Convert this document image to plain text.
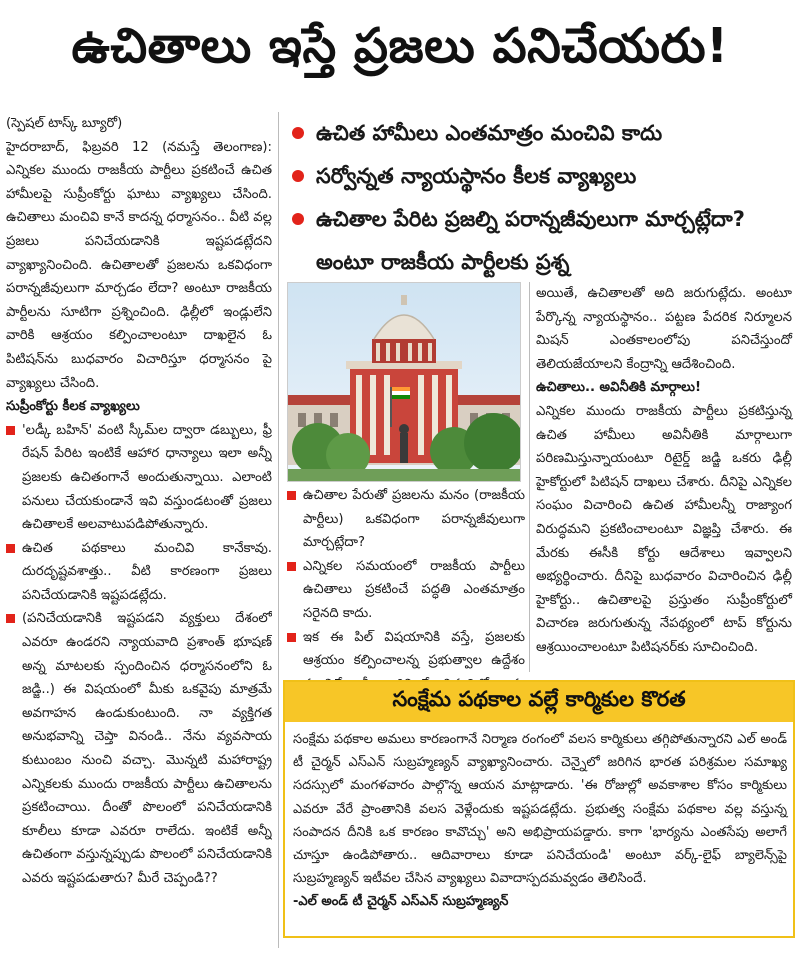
ఉచితాలు ఇస్తే ప్రజలు పనిచేయరు!

(స్పెషల్ టాస్క్ బ్యూరో)

హైదరాబాద్, ఫిబ్రవరి 12 (నమస్తే తెలంగాణ): ఎన్నికల ముందు రాజకీయ పార్టీలు ప్రకటించే ఉచిత హామీలపై సుప్రీంకోర్టు ఘాటు వ్యాఖ్యలు చేసింది. ఉచితాలు మంచివి కానే కాదన్న ధర్మాసనం.. వీటి వల్ల ప్రజలు పనిచేయడానికి ఇష్టపడట్లేదని వ్యాఖ్యానించింది. ఉచితాలతో ప్రజలను ఒకవిధంగా పరాన్నజీవులుగా మార్చడం లేదా? అంటూ రాజకీయ పార్టీలను సూటిగా ప్రశ్నించింది. ఢిల్లీలో ఇండ్లులేని వారికి ఆశ్రయం కల్పించాలంటూ దాఖలైన ఓ పిటిషన్‌ను బుధవారం విచారిస్తూ ధర్మాసనం పై వ్యాఖ్యలు చేసింది.

సుప్రీంకోర్టు కీలక వ్యాఖ్యలు

'లడ్కీ బహిన్' వంటి స్కీమ్‌ల ద్వారా డబ్బులు, ఫ్రీ రేషన్ పేరిట ఇంటికే ఆహార ధాన్యాలు ఇలా అన్నీ ప్రజలకు ఉచితంగానే అందుతున్నాయి. ఎలాంటి పనులు చేయకుండానే ఇవి వస్తుండటంతో ప్రజలు ఉచితాలకే అలవాటుపడిపోతున్నారు.

ఉచిత పథకాలు మంచివి కానేకావు. దురదృష్టవశాత్తు.. వీటి కారణంగా ప్రజలు పనిచేయడానికి ఇష్టపడట్లేదు.

(పనిచేయడానికి ఇష్టపడని వ్యక్తులు దేశంలో ఎవరూ ఉండరని న్యాయవాది ప్రశాంత్ భూషణ్ అన్న మాటలకు స్పందించిన ధర్మాసనంలోని ఓ జడ్జి..) ఈ విషయంలో మీకు ఒకవైపు మాత్రమే అవగాహన ఉండుకుంటుంది. నా వ్యక్తిగత అనుభవాన్ని చెప్తా వినండి.. నేను వ్యవసాయ కుటుంబం నుంచి వచ్చా. మొన్నటి మహారాష్ట్ర ఎన్నికలకు ముందు రాజకీయ పార్టీలు ఉచితాలను ప్రకటించాయి. దీంతో పొలంలో పనిచేయడానికి కూలీలు కూడా ఎవరూ రాలేదు. ఇంటికే అన్నీ ఉచితంగా వస్తున్నప్పుడు పొలంలో పనిచేయడానికి ఎవరు ఇష్టపడుతారు? మీరే చెప్పండి??

ఉచిత హామీలు ఎంతమాత్రం మంచివి కాదు
సర్వోన్నత న్యాయస్థానం కీలక వ్యాఖ్యలు
ఉచితాల పేరిట ప్రజల్ని పరాన్నజీవులుగా మార్చట్లేదా? అంటూ రాజకీయ పార్టీలకు ప్రశ్న

ఉచితాల పేరుతో ప్రజలను మనం (రాజకీయ పార్టీలు) ఒకవిధంగా పరాన్నజీవులుగా మార్చట్లేదా?

ఎన్నికల సమయంలో రాజకీయ పార్టీలు ఉచితాలు ప్రకటించే పద్ధతి ఎంతమాత్రం సరైనది కాదు.

ఇక ఈ పిల్ విషయానికి వస్తే, ప్రజలకు ఆశ్రయం కల్పించాలన్న ప్రభుత్వాల ఉద్దేశం

అయితే, ఉచితాలతో అది జరుగుట్లేదు. అంటూ పేర్కొన్న న్యాయస్థానం.. పట్టణ పేదరిక నిర్మూలన మిషన్ ఎంతకాలంలోపు పనిచేస్తుందో తెలియజేయాలని కేంద్రాన్ని ఆదేశించింది.

ఉచితాలు.. అవినీతికి మార్గాలు!

ఎన్నికల ముందు రాజకీయ పార్టీలు ప్రకటిస్తున్న ఉచిత హామీలు అవినీతికి మార్గాలుగా పరిణమిస్తున్నాయంటూ రిటైర్డ్ జడ్జి ఒకరు ఢిల్లీ హైకోర్టులో పిటిషన్ దాఖలు చేశారు. దీనిపై ఎన్నికల సంఘం విచారించి ఉచిత హామీలన్నీ రాజ్యాంగ విరుద్ధమని ప్రకటించాలంటూ విజ్ఞప్తి చేశారు. ఈ మేరకు ఈసీకి కోర్టు ఆదేశాలు ఇవ్వాలని అభ్యర్థించారు. దీనిపై బుధవారం విచారించిన ఢిల్లీ హైకోర్టు.. ఉచితాలపై ప్రస్తుతం సుప్రీంకోర్టులో విచారణ జరుగుతున్న నేపథ్యంలో టాప్ కోర్టును ఆశ్రయించాలంటూ పిటిషనర్‌కు సూచించింది.

సంక్షేమ పథకాల వల్లే కార్మికుల కొరత

సంక్షేమ పథకాల అమలు కారణంగానే నిర్మాణ రంగంలో వలస కార్మికులు తగ్గిపోతున్నారని ఎల్ అండ్ టీ చైర్మన్ ఎస్ఎన్ సుబ్రహ్మణ్యన్ వ్యాఖ్యానించారు. చెన్నైలో జరిగిన భారత పరిశ్రమల సమాఖ్య సదస్సులో మంగళవారం పాల్గొన్న ఆయన మాట్లాడారు. 'ఈ రోజుల్లో అవకాశాల కోసం కార్మికులు ఎవరూ వేరే ప్రాంతానికి వలస వెళ్లేందుకు ఇష్టపడట్లేదు. ప్రభుత్వ సంక్షేమ పథకాల వల్ల వస్తున్న సంపాదన దీనికి ఒక కారణం కావొచ్చు' అని అభిప్రాయపడ్డారు. కాగా 'భార్యను ఎంతసేపు అలాగే చూస్తూ ఉండిపోతారు.. ఆదివారాలు కూడా పనిచేయండి' అంటూ వర్క్-లైఫ్ బ్యాలెన్స్‌పై సుబ్రహ్మణ్యన్ ఇటీవల చేసిన వ్యాఖ్యలు వివాదాస్పదమవ్వడం తెలిసిందే.

-ఎల్ అండ్ టీ చైర్మన్ ఎస్ఎన్ సుబ్రహ్మణ్యన్
